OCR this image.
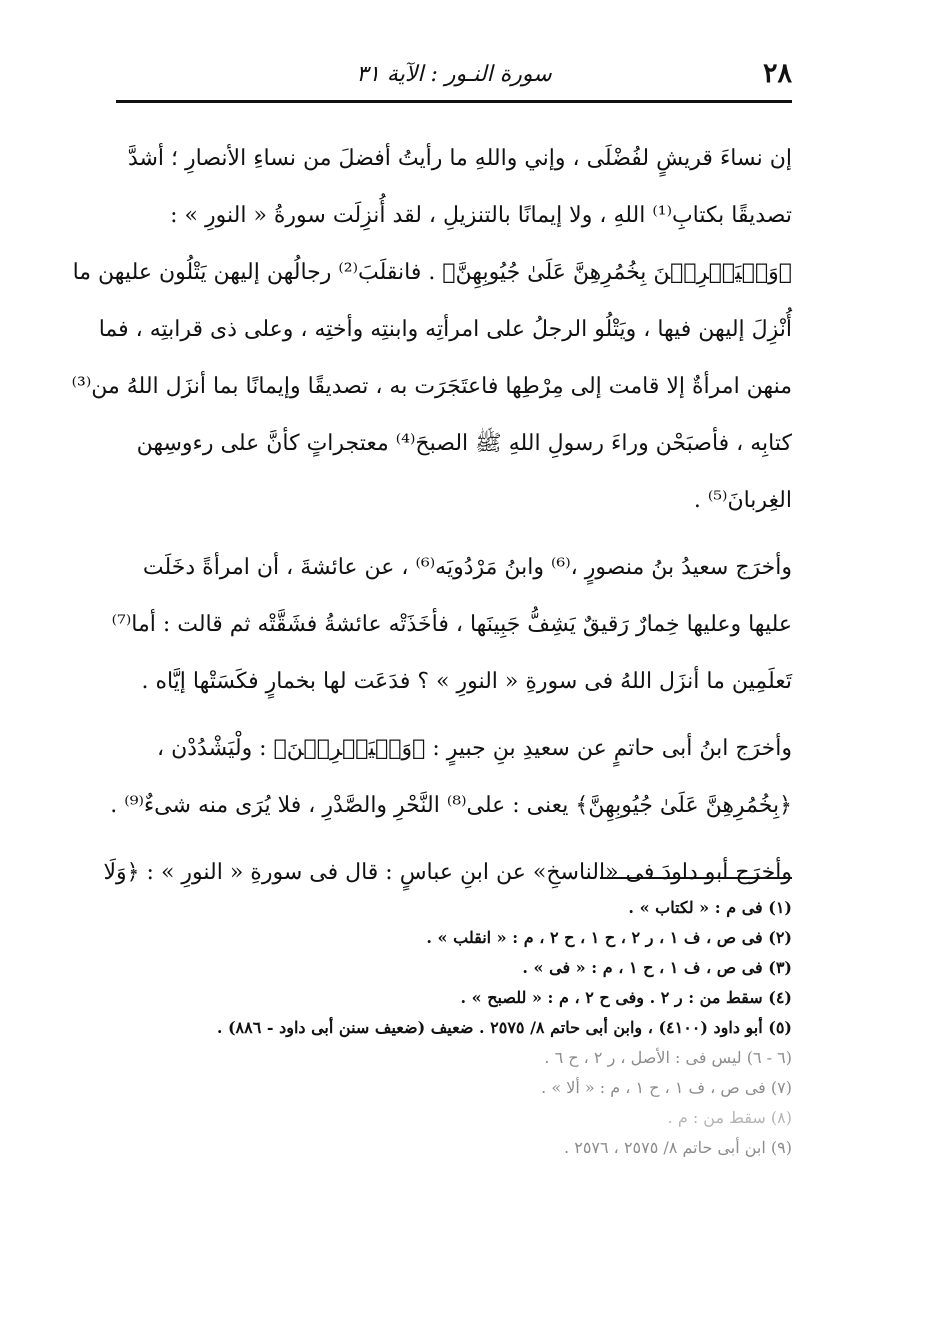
٢٨
سورة النـور : الآية ٣١

إن نساءَ قريشٍ لفُضْلَى ، وإني واللهِ ما رأيتُ أفضلَ من نساءِ الأنصارِ ؛ أشدَّ
تصديقًا بكتابِ⁽¹⁾ اللهِ ، ولا إيمانًا بالتنزيلِ ، لقد أُنزِلَت سورةُ « النورِ » :
﴿وَلۡيَضۡرِبۡنَ بِخُمُرِهِنَّ عَلَىٰ جُيُوبِهِنَّ﴾ . فانقلَبَ⁽²⁾ رجالُهن إليهن يَتْلُون عليهن ما
أُنْزِلَ إليهن فيها ، ويَتْلُو الرجلُ على امرأتِه وابنتِه وأختِه ، وعلى ذى قرابتِه ، فما
منهن امرأةٌ إلا قامت إلى مِرْطِها فاعتَجَرَت به ، تصديقًا وإيمانًا بما أنزَل اللهُ من⁽³⁾
كتابِه ، فأصبَحْن وراءَ رسولِ اللهِ ﷺ الصبحَ⁽⁴⁾ معتجراتٍ كأنَّ على رءوسِهن
الغِربانَ⁽⁵⁾ .

وأخرَج سعيدُ بنُ منصورٍ ،⁽⁶⁾ وابنُ مَرْدُويَه⁽⁶⁾ ، عن عائشةَ ، أن امرأةً دخَلَت
عليها وعليها خِمارٌ رَقيقٌ يَشِفُّ جَبِينَها ، فأخَذَتْه عائشةُ فشَقَّتْه ثم قالت : أما⁽⁷⁾
تَعلَمِين ما أنزَل اللهُ فى سورةِ « النورِ » ؟ فدَعَت لها بخمارٍ فكَسَتْها إيَّاه .

وأخرَج ابنُ أبى حاتمٍ عن سعيدِ بنِ جبيرٍ : ﴿وَلۡيَضۡرِبۡنَ﴾ : ولْيَشْدُدْن ،
﴿بِخُمُرِهِنَّ عَلَىٰ جُيُوبِهِنَّ﴾ يعنى : على⁽⁸⁾ النَّحْرِ والصَّدْرِ ، فلا يُرَى منه شىءٌ⁽⁹⁾ .

وأخرَج أبو داودَ فى «الناسخِ» عن ابنِ عباسٍ : قال فى سورةِ « النورِ » : ﴿وَلَا

(١) فى م : « لكتاب » .
(٢) فى ص ، ف ١ ، ر ٢ ، ح ١ ، ح ٢ ، م : « انقلب » .
(٣) فى ص ، ف ١ ، ح ١ ، م : « فى » .
(٤) سقط من : ر ٢ . وفى ح ٢ ، م : « للصبح » .
(٥) أبو داود (٤١٠٠) ، وابن أبى حاتم ٨/ ٢٥٧٥ . ضعيف (ضعيف سنن أبى داود - ٨٨٦) .
(٦ - ٦) ليس فى : الأصل ، ر ٢ ، ح ٦ .
(٧) فى ص ، ف ١ ، ح ١ ، م : « ألا » .
(٨) سقط من : م .
(٩) ابن أبى حاتم ٨/ ٢٥٧٥ ، ٢٥٧٦ .
